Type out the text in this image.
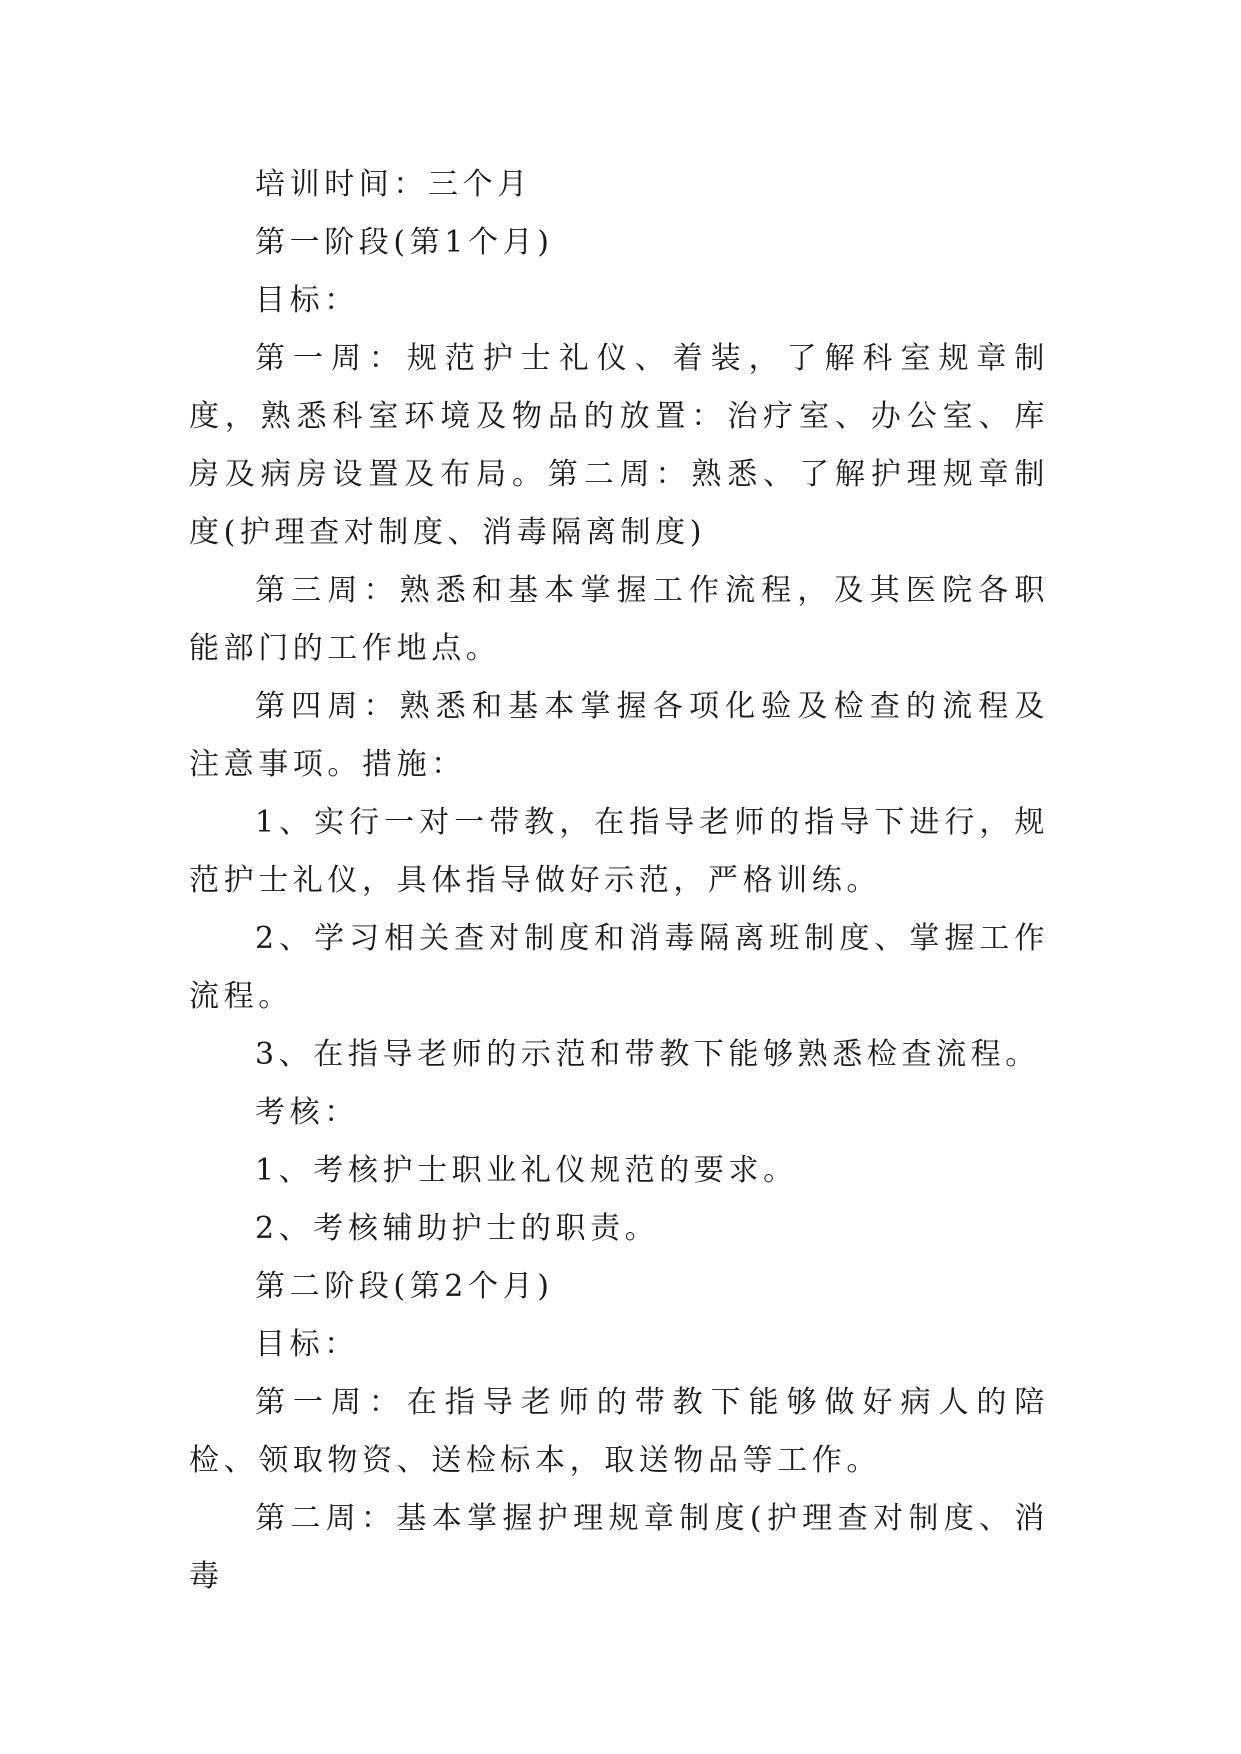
培训时间：三个月

第一阶段(第1个月)

目标：

第一周：规范护士礼仪、着装，了解科室规章制度，熟悉科室环境及物品的放置：治疗室、办公室、库房及病房设置及布局。第二周：熟悉、了解护理规章制度(护理查对制度、消毒隔离制度)

第三周：熟悉和基本掌握工作流程，及其医院各职能部门的工作地点。

第四周：熟悉和基本掌握各项化验及检查的流程及注意事项。措施：

1、实行一对一带教，在指导老师的指导下进行，规范护士礼仪，具体指导做好示范，严格训练。

2、学习相关查对制度和消毒隔离班制度、掌握工作流程。

3、在指导老师的示范和带教下能够熟悉检查流程。

考核：

1、考核护士职业礼仪规范的要求。

2、考核辅助护士的职责。

第二阶段(第2个月)

目标：

第一周：在指导老师的带教下能够做好病人的陪检、领取物资、送检标本，取送物品等工作。

第二周：基本掌握护理规章制度(护理查对制度、消毒
